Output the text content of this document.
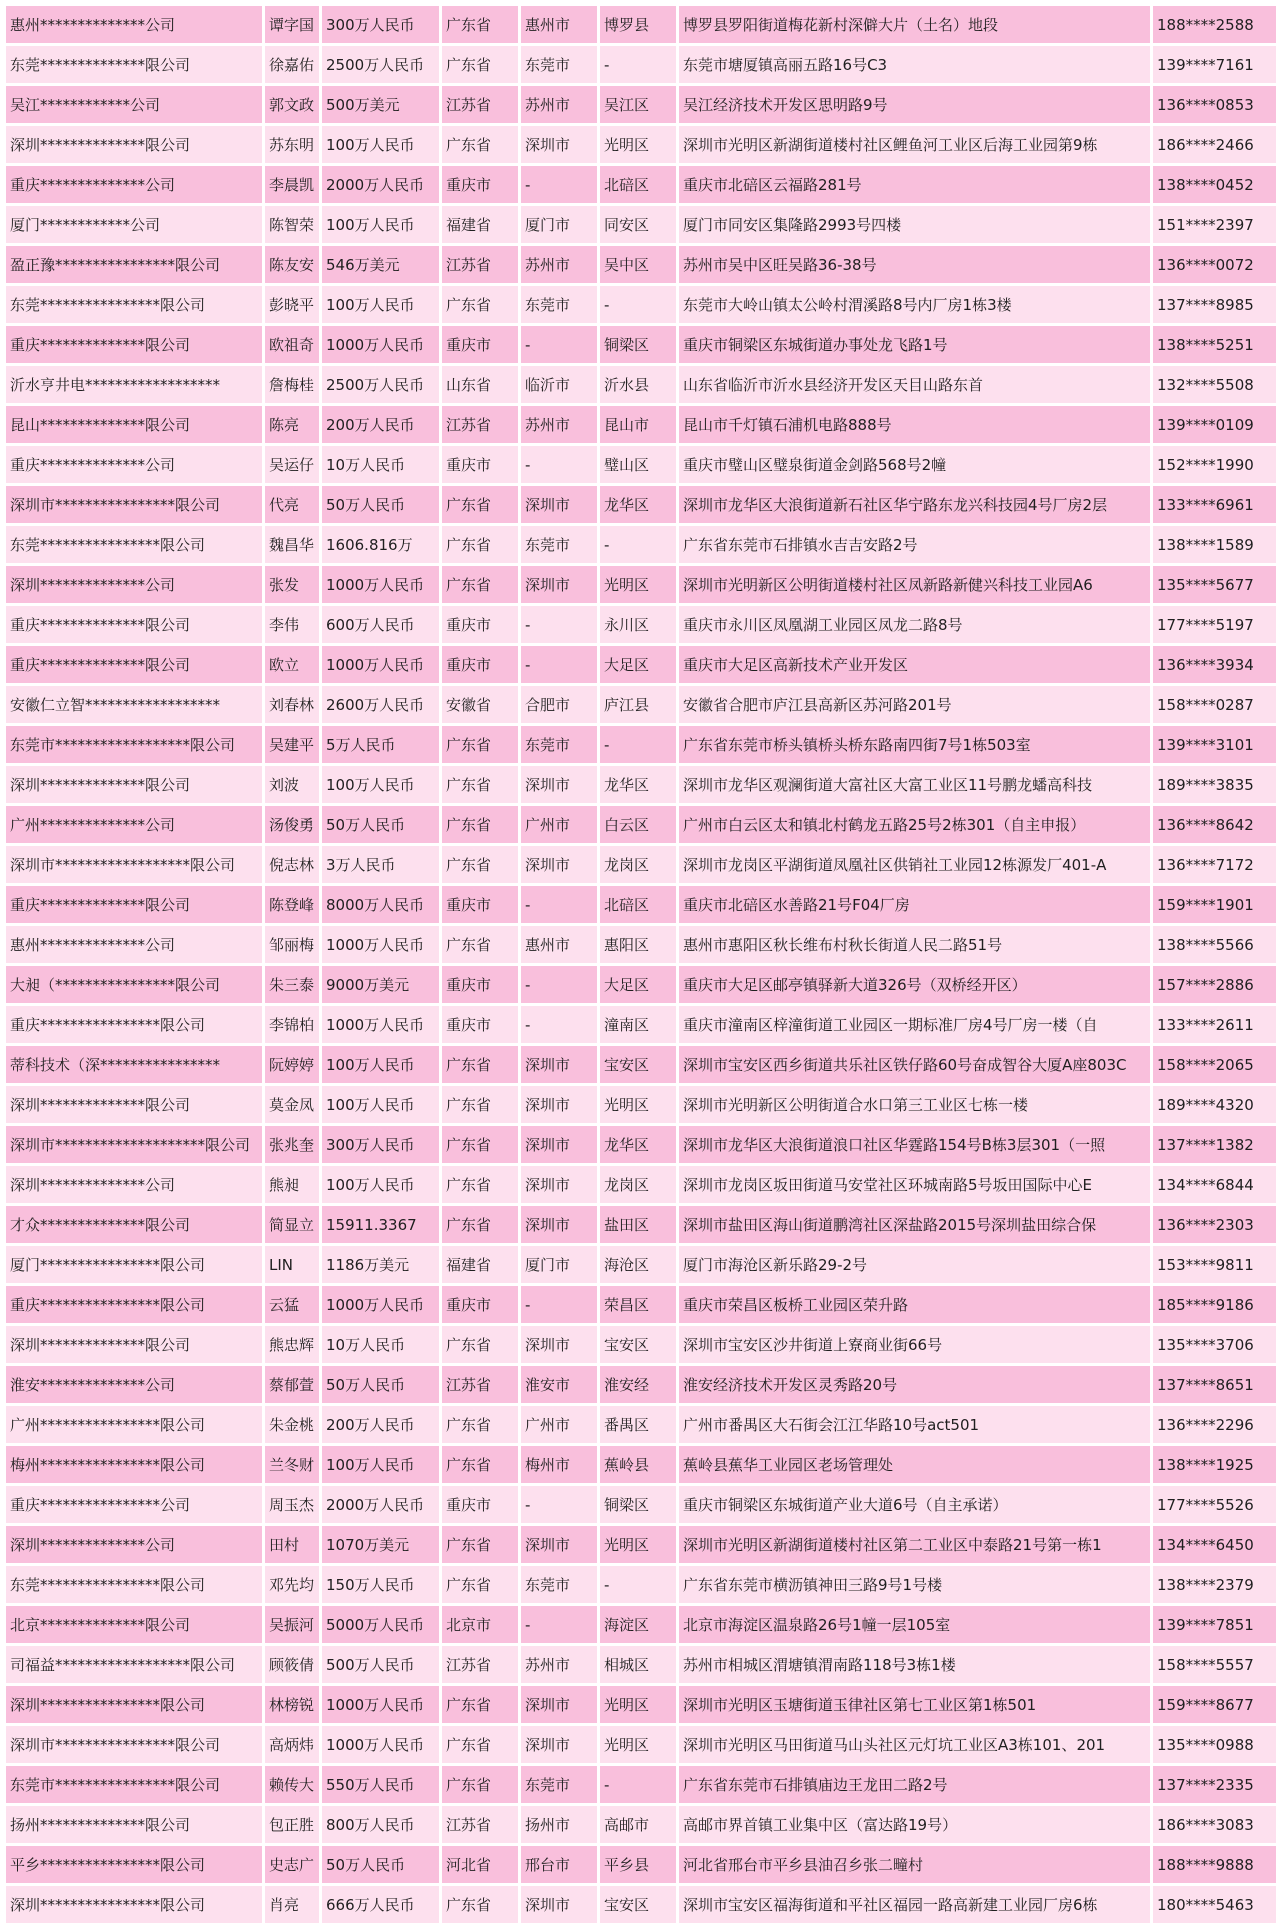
惠州**************公司	谭字国	300万人民币	广东省	惠州市	博罗县	博罗县罗阳街道梅花新村深僻大片（土名）地段	188****2588
东莞**************限公司	徐嘉佑	2500万人民币	广东省	东莞市	-	东莞市塘厦镇高丽五路16号C3	139****7161
吴江************公司	郭文政	500万美元	江苏省	苏州市	吴江区	吴江经济技术开发区思明路9号	136****0853
深圳**************限公司	苏东明	100万人民币	广东省	深圳市	光明区	深圳市光明区新湖街道楼村社区鲤鱼河工业区后海工业园第9栋	186****2466
重庆**************公司	李晨凯	2000万人民币	重庆市	-	北碚区	重庆市北碚区云福路281号	138****0452
厦门************公司	陈智荣	100万人民币	福建省	厦门市	同安区	厦门市同安区集隆路2993号四楼	151****2397
盈正豫****************限公司	陈友安	546万美元	江苏省	苏州市	吴中区	苏州市吴中区旺吴路36-38号	136****0072
东莞****************限公司	彭晓平	100万人民币	广东省	东莞市	-	东莞市大岭山镇太公岭村渭溪路8号内厂房1栋3楼	137****8985
重庆**************限公司	欧祖奇	1000万人民币	重庆市	-	铜梁区	重庆市铜梁区东城街道办事处龙飞路1号	138****5251
沂水亨井电******************	詹梅桂	2500万人民币	山东省	临沂市	沂水县	山东省临沂市沂水县经济开发区天目山路东首	132****5508
昆山**************限公司	陈亮	200万人民币	江苏省	苏州市	昆山市	昆山市千灯镇石浦机电路888号	139****0109
重庆**************公司	吴运仔	10万人民币	重庆市	-	璧山区	重庆市璧山区璧泉街道金剑路568号2幢	152****1990
深圳市****************限公司	代亮	50万人民币	广东省	深圳市	龙华区	深圳市龙华区大浪街道新石社区华宁路东龙兴科技园4号厂房2层	133****6961
东莞****************限公司	魏昌华	1606.816万	广东省	东莞市	-	广东省东莞市石排镇水吉吉安路2号	138****1589
深圳**************公司	张发	1000万人民币	广东省	深圳市	光明区	深圳市光明新区公明街道楼村社区凤新路新健兴科技工业园A6	135****5677
重庆**************限公司	李伟	600万人民币	重庆市	-	永川区	重庆市永川区凤凰湖工业园区凤龙二路8号	177****5197
重庆**************限公司	欧立	1000万人民币	重庆市	-	大足区	重庆市大足区高新技术产业开发区	136****3934
安徽仁立智******************	刘春林	2600万人民币	安徽省	合肥市	庐江县	安徽省合肥市庐江县高新区苏河路201号	158****0287
东莞市******************限公司	吴建平	5万人民币	广东省	东莞市	-	广东省东莞市桥头镇桥头桥东路南四街7号1栋503室	139****3101
深圳**************限公司	刘波	100万人民币	广东省	深圳市	龙华区	深圳市龙华区观澜街道大富社区大富工业区11号鹏龙蟠高科技	189****3835
广州**************公司	汤俊勇	50万人民币	广东省	广州市	白云区	广州市白云区太和镇北村鹤龙五路25号2栋301（自主申报）	136****8642
深圳市******************限公司	倪志林	3万人民币	广东省	深圳市	龙岗区	深圳市龙岗区平湖街道凤凰社区供销社工业园12栋源发厂401-A	136****7172
重庆**************限公司	陈登峰	8000万人民币	重庆市	-	北碚区	重庆市北碚区水善路21号F04厂房	159****1901
惠州**************公司	邹丽梅	1000万人民币	广东省	惠州市	惠阳区	惠州市惠阳区秋长维布村秋长街道人民二路51号	138****5566
大昶（****************限公司	朱三泰	9000万美元	重庆市	-	大足区	重庆市大足区邮亭镇驿新大道326号（双桥经开区）	157****2886
重庆****************限公司	李锦柏	1000万人民币	重庆市	-	潼南区	重庆市潼南区梓潼街道工业园区一期标准厂房4号厂房一楼（自	133****2611
蒂科技术（深****************	阮婷婷	100万人民币	广东省	深圳市	宝安区	深圳市宝安区西乡街道共乐社区铁仔路60号奋成智谷大厦A座803C	158****2065
深圳**************限公司	莫金凤	100万人民币	广东省	深圳市	光明区	深圳市光明新区公明街道合水口第三工业区七栋一楼	189****4320
深圳市********************限公司	张兆奎	300万人民币	广东省	深圳市	龙华区	深圳市龙华区大浪街道浪口社区华霆路154号B栋3层301（一照	137****1382
深圳**************公司	熊昶	100万人民币	广东省	深圳市	龙岗区	深圳市龙岗区坂田街道马安堂社区环城南路5号坂田国际中心E	134****6844
才众**************限公司	简显立	15911.3367	广东省	深圳市	盐田区	深圳市盐田区海山街道鹏湾社区深盐路2015号深圳盐田综合保	136****2303
厦门****************限公司	LIN	1186万美元	福建省	厦门市	海沧区	厦门市海沧区新乐路29-2号	153****9811
重庆****************限公司	云猛	1000万人民币	重庆市	-	荣昌区	重庆市荣昌区板桥工业园区荣升路	185****9186
深圳**************限公司	熊忠辉	10万人民币	广东省	深圳市	宝安区	深圳市宝安区沙井街道上寮商业街66号	135****3706
淮安**************公司	蔡郁萱	50万人民币	江苏省	淮安市	淮安经	淮安经济技术开发区灵秀路20号	137****8651
广州****************限公司	朱金桃	200万人民币	广东省	广州市	番禺区	广州市番禺区大石街会江江华路10号act501	136****2296
梅州****************限公司	兰冬财	100万人民币	广东省	梅州市	蕉岭县	蕉岭县蕉华工业园区老场管理处	138****1925
重庆****************公司	周玉杰	2000万人民币	重庆市	-	铜梁区	重庆市铜梁区东城街道产业大道6号（自主承诺）	177****5526
深圳**************公司	田村	1070万美元	广东省	深圳市	光明区	深圳市光明区新湖街道楼村社区第二工业区中泰路21号第一栋1	134****6450
东莞****************限公司	邓先均	150万人民币	广东省	东莞市	-	广东省东莞市横沥镇神田三路9号1号楼	138****2379
北京**************限公司	吴振河	5000万人民币	北京市	-	海淀区	北京市海淀区温泉路26号1幢一层105室	139****7851
司福益******************限公司	顾筱倩	500万人民币	江苏省	苏州市	相城区	苏州市相城区渭塘镇渭南路118号3栋1楼	158****5557
深圳****************限公司	林榜锐	1000万人民币	广东省	深圳市	光明区	深圳市光明区玉塘街道玉律社区第七工业区第1栋501	159****8677
深圳市****************限公司	高炳炜	1000万人民币	广东省	深圳市	光明区	深圳市光明区马田街道马山头社区元灯坑工业区A3栋101、201	135****0988
东莞市****************限公司	赖传大	550万人民币	广东省	东莞市	-	广东省东莞市石排镇庙边王龙田二路2号	137****2335
扬州**************限公司	包正胜	800万人民币	江苏省	扬州市	高邮市	高邮市界首镇工业集中区（富达路19号）	186****3083
平乡****************限公司	史志广	50万人民币	河北省	邢台市	平乡县	河北省邢台市平乡县油召乡张二疃村	188****9888
深圳****************限公司	肖亮	666万人民币	广东省	深圳市	宝安区	深圳市宝安区福海街道和平社区福园一路高新建工业园厂房6栋	180****5463
